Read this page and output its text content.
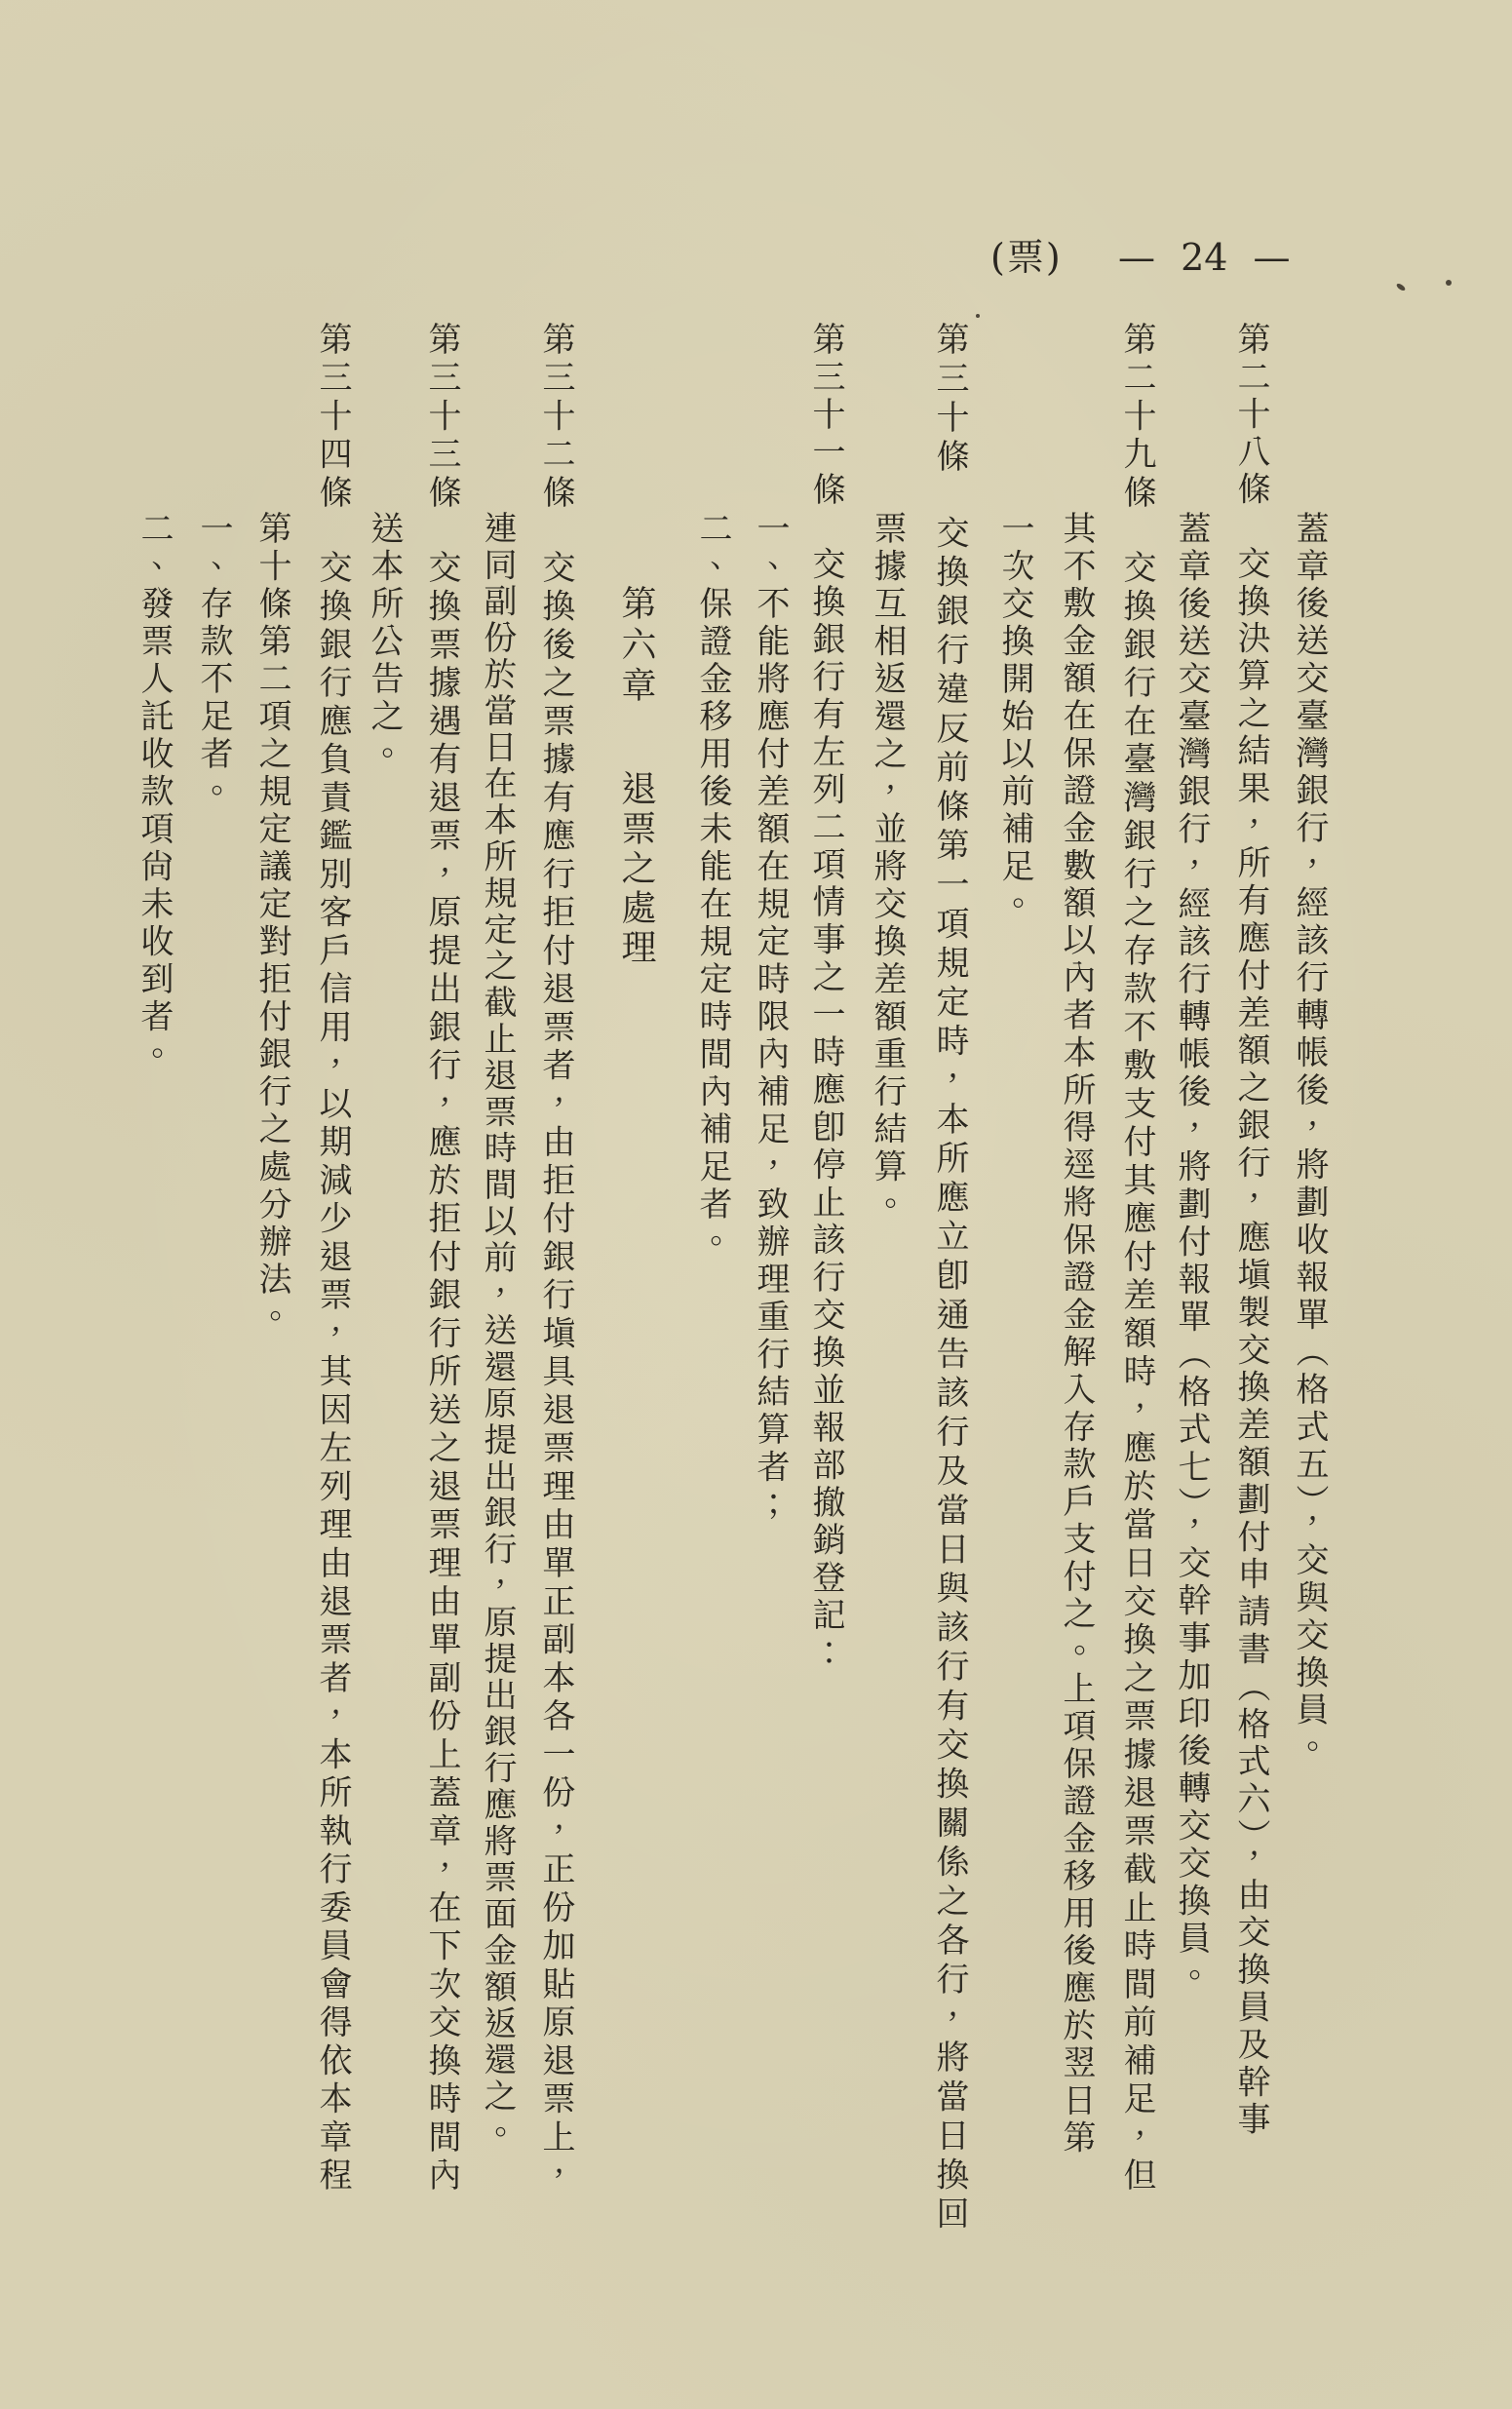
(票) — 24 —
蓋章後送交臺灣銀行，經該行轉帳後，將劃收報單（格式五），交與交換員。
第二十八條交換決算之結果，所有應付差額之銀行，應塡製交換差額劃付申請書（格式六），由交換員及幹事
蓋章後送交臺灣銀行，經該行轉帳後，將劃付報單（格式七），交幹事加印後轉交交換員。
第二十九條交換銀行在臺灣銀行之存款不敷支付其應付差額時，應於當日交換之票據退票截止時間前補足，但
其不敷金額在保證金數額以內者本所得逕將保證金解入存款戶支付之。上項保證金移用後應於翌日第
一次交換開始以前補足。
第三十條交換銀行違反前條第一項規定時，本所應立卽通告該行及當日與該行有交換關係之各行，將當日換回
票據互相返還之，並將交換差額重行結算。
第三十一條交換銀行有左列二項情事之一時應卽停止該行交換並報部撤銷登記：
一、不能將應付差額在規定時限內補足，致辦理重行結算者；
二、保證金移用後未能在規定時間內補足者。
第六章退票之處理
第三十二條交換後之票據有應行拒付退票者，由拒付銀行塡具退票理由單正副本各一份，正份加貼原退票上，
連同副份於當日在本所規定之截止退票時間以前，送還原提出銀行，原提出銀行應將票面金額返還之。
第三十三條交換票據遇有退票，原提出銀行，應於拒付銀行所送之退票理由單副份上蓋章，在下次交換時間內
送本所公告之。
第三十四條交換銀行應負責鑑別客戶信用，以期減少退票，其因左列理由退票者，本所執行委員會得依本章程
第十條第二項之規定議定對拒付銀行之處分辦法。
一、存款不足者。
二、發票人託收款項尙未收到者。
